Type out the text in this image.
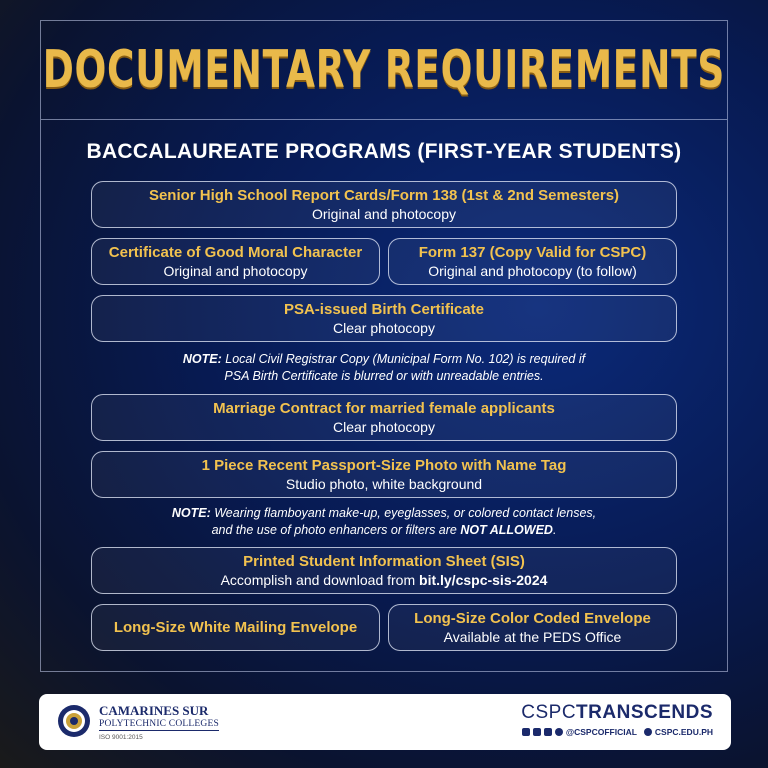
DOCUMENTARY REQUIREMENTS
BACCALAUREATE PROGRAMS (FIRST-YEAR STUDENTS)
Senior High School Report Cards/Form 138 (1st & 2nd Semesters)
Original and photocopy
Certificate of Good Moral Character
Original and photocopy
Form 137 (Copy Valid for CSPC)
Original and photocopy (to follow)
PSA-issued Birth Certificate
Clear photocopy
NOTE: Local Civil Registrar Copy (Municipal Form No. 102) is required if
PSA Birth Certificate is blurred or with unreadable entries.
Marriage Contract for married female applicants
Clear photocopy
1 Piece Recent Passport-Size Photo with Name Tag
Studio photo, white background
NOTE: Wearing flamboyant make-up, eyeglasses, or colored contact lenses,
and the use of photo enhancers or filters are NOT ALLOWED.
Printed Student Information Sheet (SIS)
Accomplish and download from bit.ly/cspc-sis-2024
Long-Size White Mailing Envelope
Long-Size Color Coded Envelope
Available at the PEDS Office
CAMARINES SUR
POLYTECHNIC COLLEGES
ISO 9001:2015
CSPCTRANSCENDS
@CSPCOFFICIAL CSPC.EDU.PH
